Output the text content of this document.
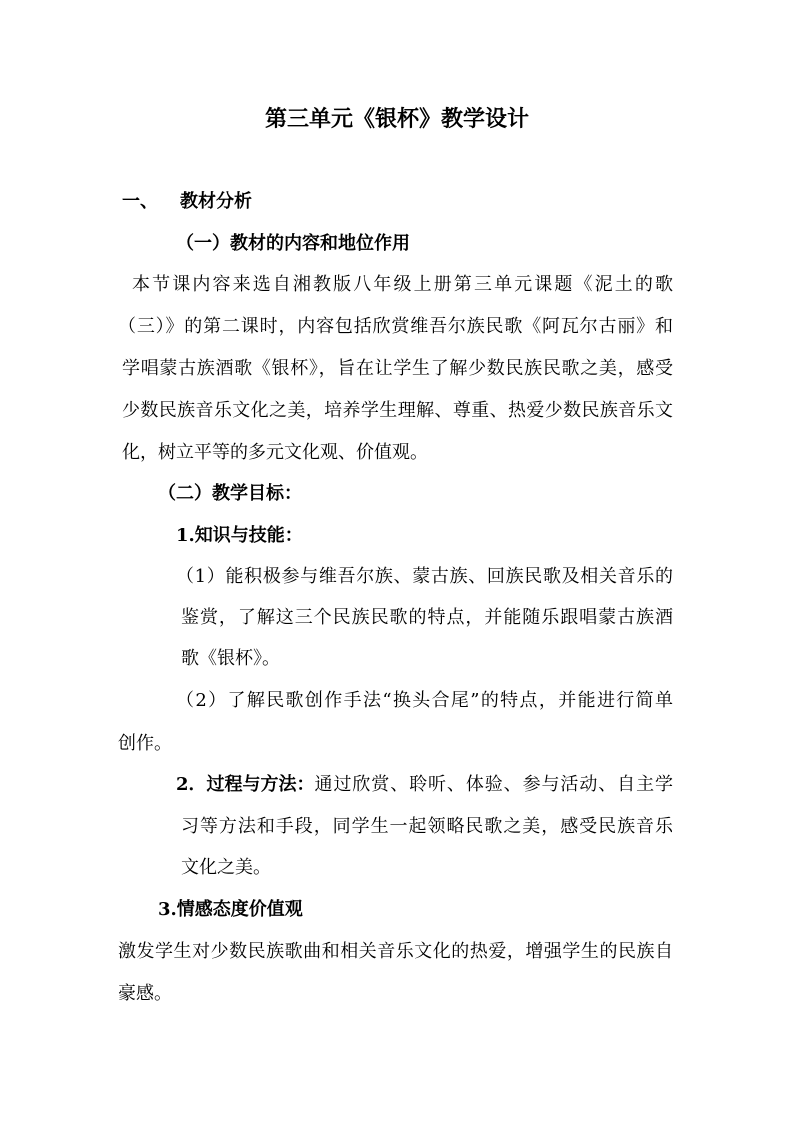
第三单元《银杯》教学设计
一、 教材分析
（一）教材的内容和地位作用
本节课内容来选自湘教版八年级上册第三单元课题《泥土的歌
（三）》的第二课时，内容包括欣赏维吾尔族民歌《阿瓦尔古丽》和
学唱蒙古族酒歌《银杯》，旨在让学生了解少数民族民歌之美，感受
少数民族音乐文化之美，培养学生理解、尊重、热爱少数民族音乐文
化，树立平等的多元文化观、价值观。
（二）教学目标：
1.知识与技能：
（1）能积极参与维吾尔族、蒙古族、回族民歌及相关音乐的
鉴赏，了解这三个民族民歌的特点，并能随乐跟唱蒙古族酒
歌《银杯》。
（2）了解民歌创作手法“换头合尾”的特点，并能进行简单
创作。
2．过程与方法： 通过欣赏、聆听、体验、参与活动、自主学
习等方法和手段，同学生一起领略民歌之美，感受民族音乐
文化之美。
3.情感态度价值观
激发学生对少数民族歌曲和相关音乐文化的热爱，增强学生的民族自
豪感。
